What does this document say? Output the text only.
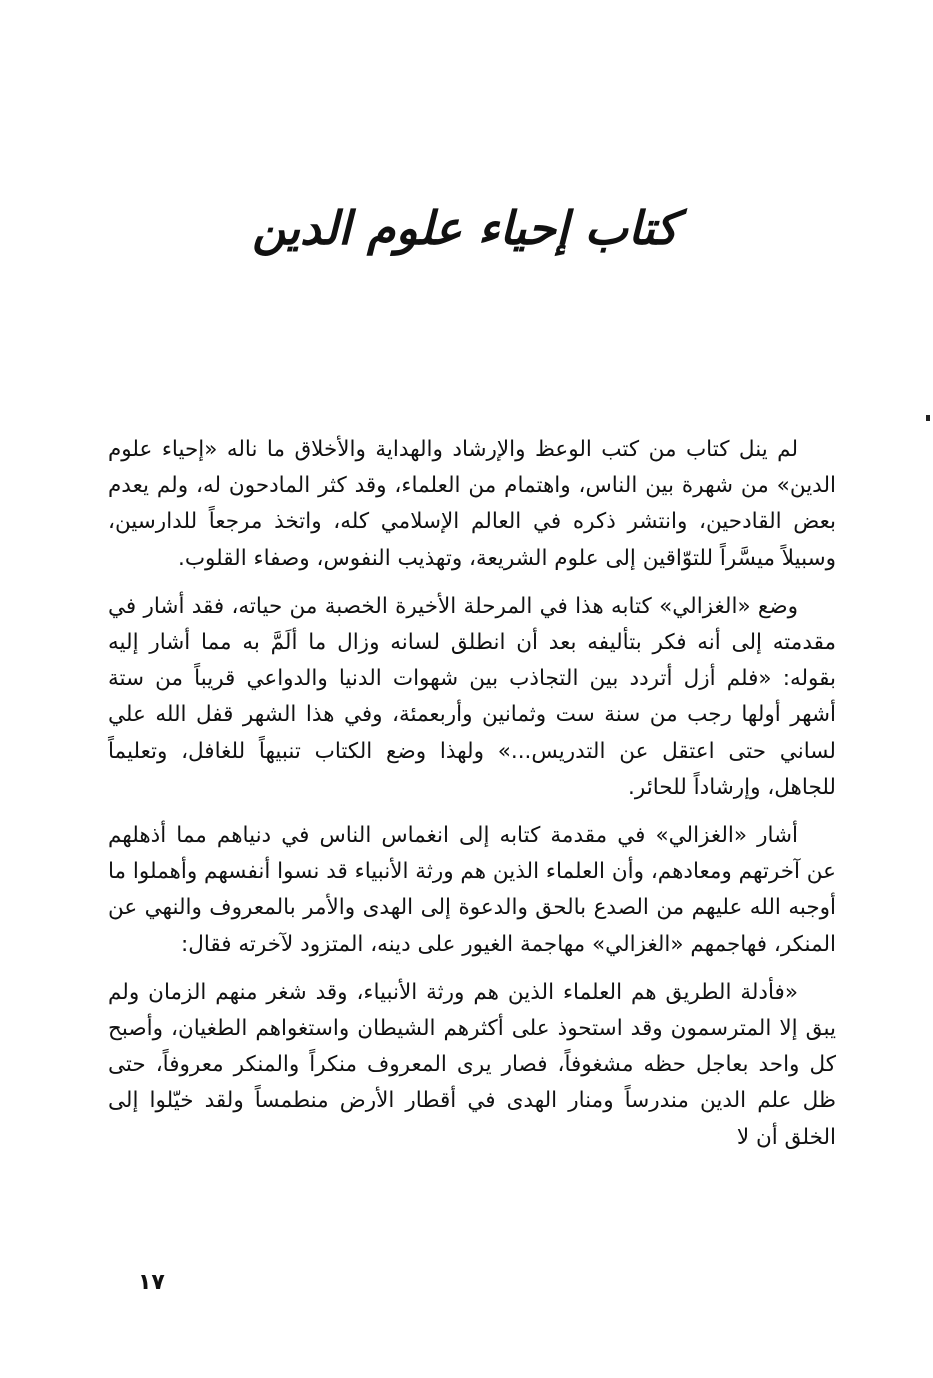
كتاب إحياء علوم الدين

لم ينل كتاب من كتب الوعظ والإرشاد والهداية والأخلاق ما ناله «إحياء علوم الدين» من شهرة بين الناس، واهتمام من العلماء، وقد كثر المادحون له، ولم يعدم بعض القادحين، وانتشر ذكره في العالم الإسلامي كله، واتخذ مرجعاً للدارسين، وسبيلاً ميسَّراً للتوّاقين إلى علوم الشريعة، وتهذيب النفوس، وصفاء القلوب.

وضع «الغزالي» كتابه هذا في المرحلة الأخيرة الخصبة من حياته، فقد أشار في مقدمته إلى أنه فكر بتأليفه بعد أن انطلق لسانه وزال ما ألَمَّ به مما أشار إليه بقوله: «فلم أزل أتردد بين التجاذب بين شهوات الدنيا والدواعي قريباً من ستة أشهر أولها رجب من سنة ست وثمانين وأربعمئة، وفي هذا الشهر قفل الله علي لساني حتى اعتقل عن التدريس...» ولهذا وضع الكتاب تنبيهاً للغافل، وتعليماً للجاهل، وإرشاداً للحائر.

أشار «الغزالي» في مقدمة كتابه إلى انغماس الناس في دنياهم مما أذهلهم عن آخرتهم ومعادهم، وأن العلماء الذين هم ورثة الأنبياء قد نسوا أنفسهم وأهملوا ما أوجبه الله عليهم من الصدع بالحق والدعوة إلى الهدى والأمر بالمعروف والنهي عن المنكر، فهاجمهم «الغزالي» مهاجمة الغيور على دينه، المتزود لآخرته فقال:

«فأدلة الطريق هم العلماء الذين هم ورثة الأنبياء، وقد شغر منهم الزمان ولم يبق إلا المترسمون وقد استحوذ على أكثرهم الشيطان واستغواهم الطغيان، وأصبح كل واحد بعاجل حظه مشغوفاً، فصار يرى المعروف منكراً والمنكر معروفاً، حتى ظل علم الدين مندرساً ومنار الهدى في أقطار الأرض منطمساً ولقد خيّلوا إلى الخلق أن لا

١٧
